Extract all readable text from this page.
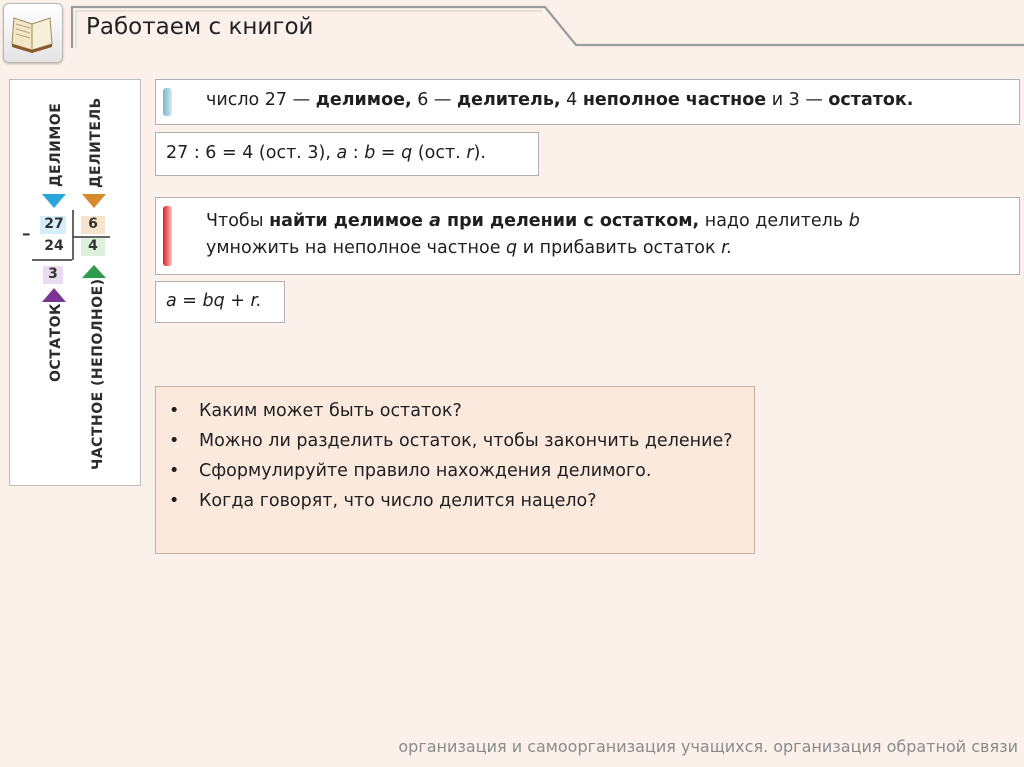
Работаем с книгой
ДЕЛИМОЕ ДЕЛИТЕЛЬ
ОСТАТОК ЧАСТНОЕ (НЕПОЛНОЕ)
– 27	6
24	4
3
число 27 — делимое, 6 — делитель, 4 неполное частное и 3 — остаток.
27 : 6 = 4 (ост. 3), a : b = q (ост. r).
Чтобы найти делимое a при делении с остатком, надо делитель b
умножить на неполное частное q и прибавить остаток r.
a = bq + r.
• Каким может быть остаток?
• Можно ли разделить остаток, чтобы закончить деление?
• Сформулируйте правило нахождения делимого.
• Когда говорят, что число делится нацело?
организация и самоорганизация учащихся. организация обратной связи
